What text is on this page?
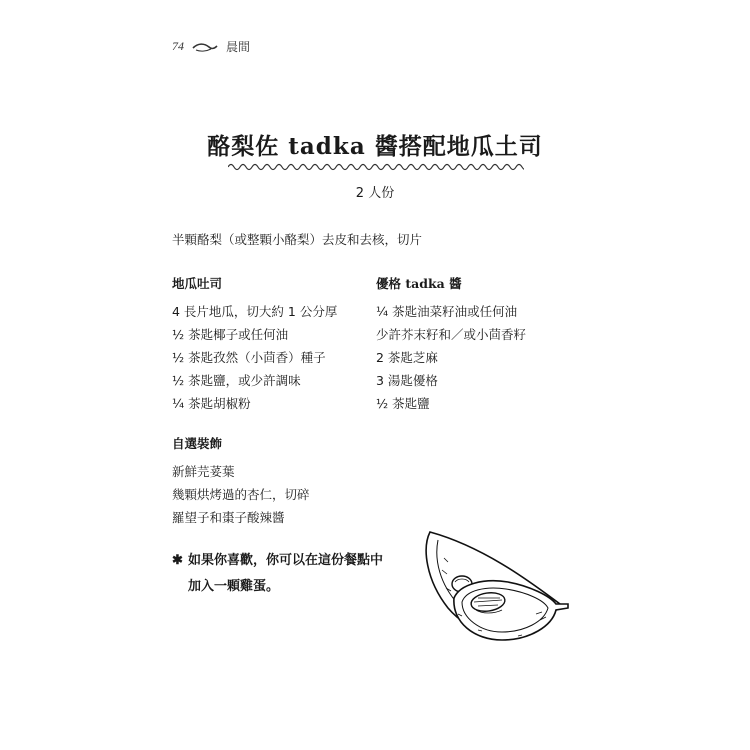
74	晨間
酪梨佐 tadka 醬搭配地瓜土司
2 人份
半顆酪梨（或整顆小酪梨）去皮和去核，切片
地瓜吐司
4 長片地瓜，切大約 1 公分厚
½ 茶匙椰子或任何油
½ 茶匙孜然（小茴香）種子
½ 茶匙鹽，或少許調味
¼ 茶匙胡椒粉
優格 tadka 醬
¼ 茶匙油菜籽油或任何油
少許芥末籽和／或小茴香籽
2 茶匙芝麻
3 湯匙優格
½ 茶匙鹽
自選裝飾
新鮮芫荽葉
幾顆烘烤過的杏仁，切碎
羅望子和棗子酸辣醬
✱ 如果你喜歡，你可以在這份餐點中
加入一顆雞蛋。
